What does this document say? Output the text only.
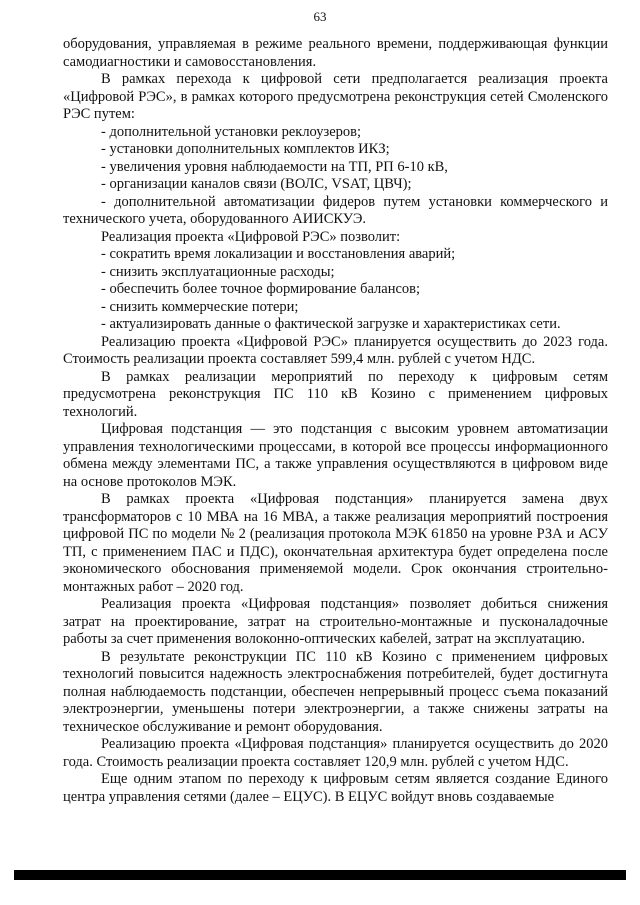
63

оборудования, управляемая в режиме реального времени, поддерживающая функции самодиагностики и самовосстановления.

В рамках перехода к цифровой сети предполагается реализация проекта «Цифровой РЭС», в рамках которого предусмотрена реконструкция сетей Смоленского РЭС путем:

- дополнительной установки реклоузеров;

- установки дополнительных комплектов ИКЗ;

- увеличения уровня наблюдаемости на ТП, РП 6-10 кВ,

- организации каналов связи (ВОЛС, VSAT, ЦВЧ);

- дополнительной автоматизации фидеров путем установки коммерческого и технического учета, оборудованного АИИСКУЭ.

Реализация проекта «Цифровой РЭС» позволит:

- сократить время локализации и восстановления аварий;

- снизить эксплуатационные расходы;

- обеспечить более точное формирование балансов;

- снизить коммерческие потери;

- актуализировать данные о фактической загрузке и характеристиках сети.

Реализацию проекта «Цифровой РЭС» планируется осуществить до 2023 года. Стоимость реализации проекта составляет 599,4 млн. рублей с учетом НДС.

В рамках реализации мероприятий по переходу к цифровым сетям предусмотрена реконструкция ПС 110 кВ Козино с применением цифровых технологий.

Цифровая подстанция — это подстанция с высоким уровнем автоматизации управления технологическими процессами, в которой все процессы информационного обмена между элементами ПС, а также управления осуществляются в цифровом виде на основе протоколов МЭК.

В рамках проекта «Цифровая подстанция» планируется замена двух трансформаторов с 10 МВА на 16 МВА, а также реализация мероприятий построения цифровой ПС по модели № 2 (реализация протокола МЭК 61850 на уровне РЗА и АСУ ТП, с применением ПАС и ПДС), окончательная архитектура будет определена после экономического обоснования применяемой модели. Срок окончания строительно-монтажных работ – 2020 год.

Реализация проекта «Цифровая подстанция» позволяет добиться снижения затрат на проектирование, затрат на строительно-монтажные и пусконаладочные работы за счет применения волоконно-оптических кабелей, затрат на эксплуатацию.

В результате реконструкции ПС 110 кВ Козино с применением цифровых технологий повысится надежность электроснабжения потребителей, будет достигнута полная наблюдаемость подстанции, обеспечен непрерывный процесс съема показаний электроэнергии, уменьшены потери электроэнергии, а также снижены затраты на техническое обслуживание и ремонт оборудования.

Реализацию проекта «Цифровая подстанция» планируется осуществить до 2020 года. Стоимость реализации проекта составляет 120,9 млн. рублей с учетом НДС.

Еще одним этапом по переходу к цифровым сетям является создание Единого центра управления сетями (далее – ЕЦУС). В ЕЦУС войдут вновь создаваемые
